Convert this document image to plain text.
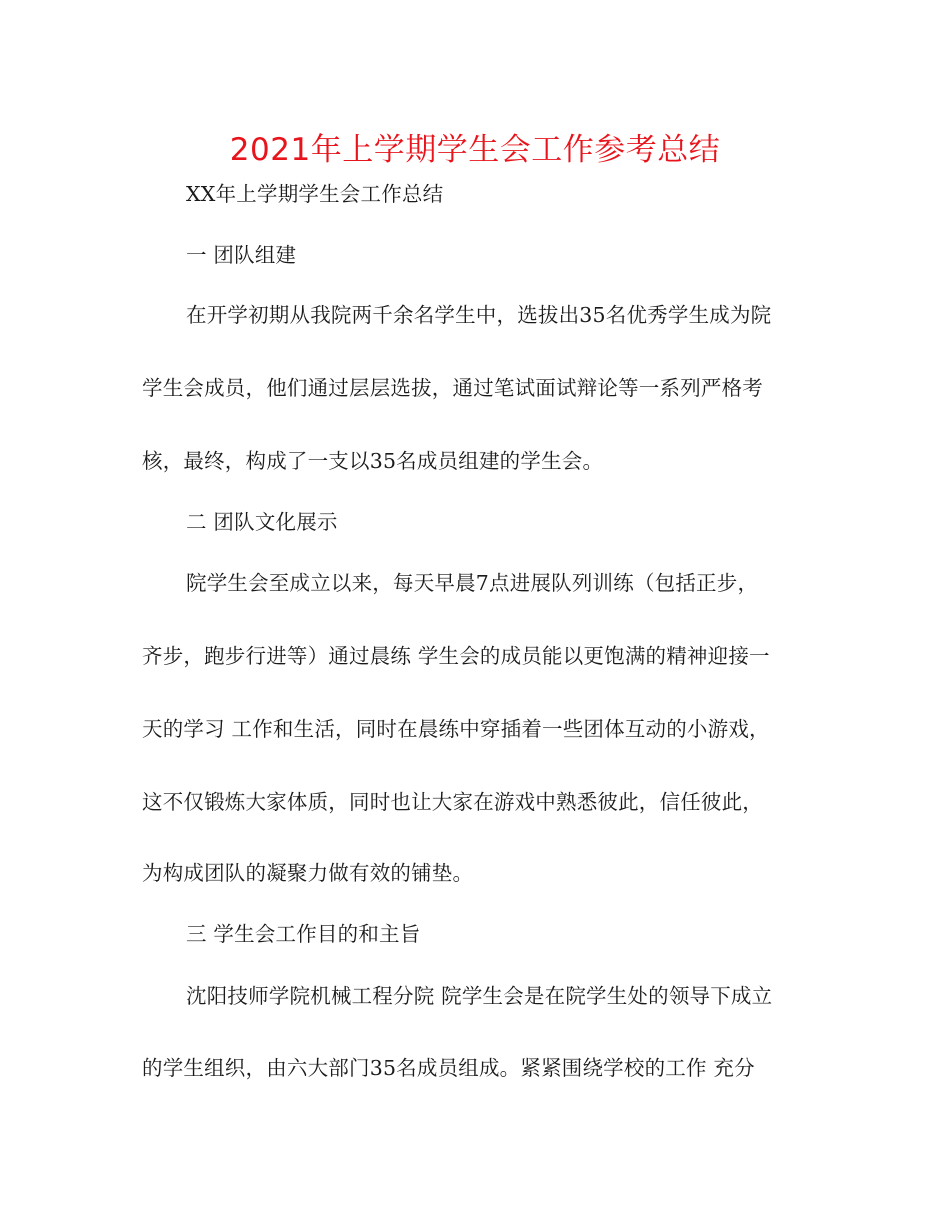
2021年上学期学生会工作参考总结
XX年上学期学生会工作总结
一 团队组建
在开学初期从我院两千余名学生中，选拔出35名优秀学生成为院
学生会成员，他们通过层层选拔，通过笔试面试辩论等一系列严格考
核，最终，构成了一支以35名成员组建的学生会。
二 团队文化展示
院学生会至成立以来，每天早晨7点进展队列训练（包括正步，
齐步，跑步行进等）通过晨练 学生会的成员能以更饱满的精神迎接一
天的学习 工作和生活，同时在晨练中穿插着一些团体互动的小游戏，
这不仅锻炼大家体质，同时也让大家在游戏中熟悉彼此，信任彼此，
为构成团队的凝聚力做有效的铺垫。
三 学生会工作目的和主旨
沈阳技师学院机械工程分院 院学生会是在院学生处的领导下成立
的学生组织，由六大部门35名成员组成。紧紧围绕学校的工作 充分
